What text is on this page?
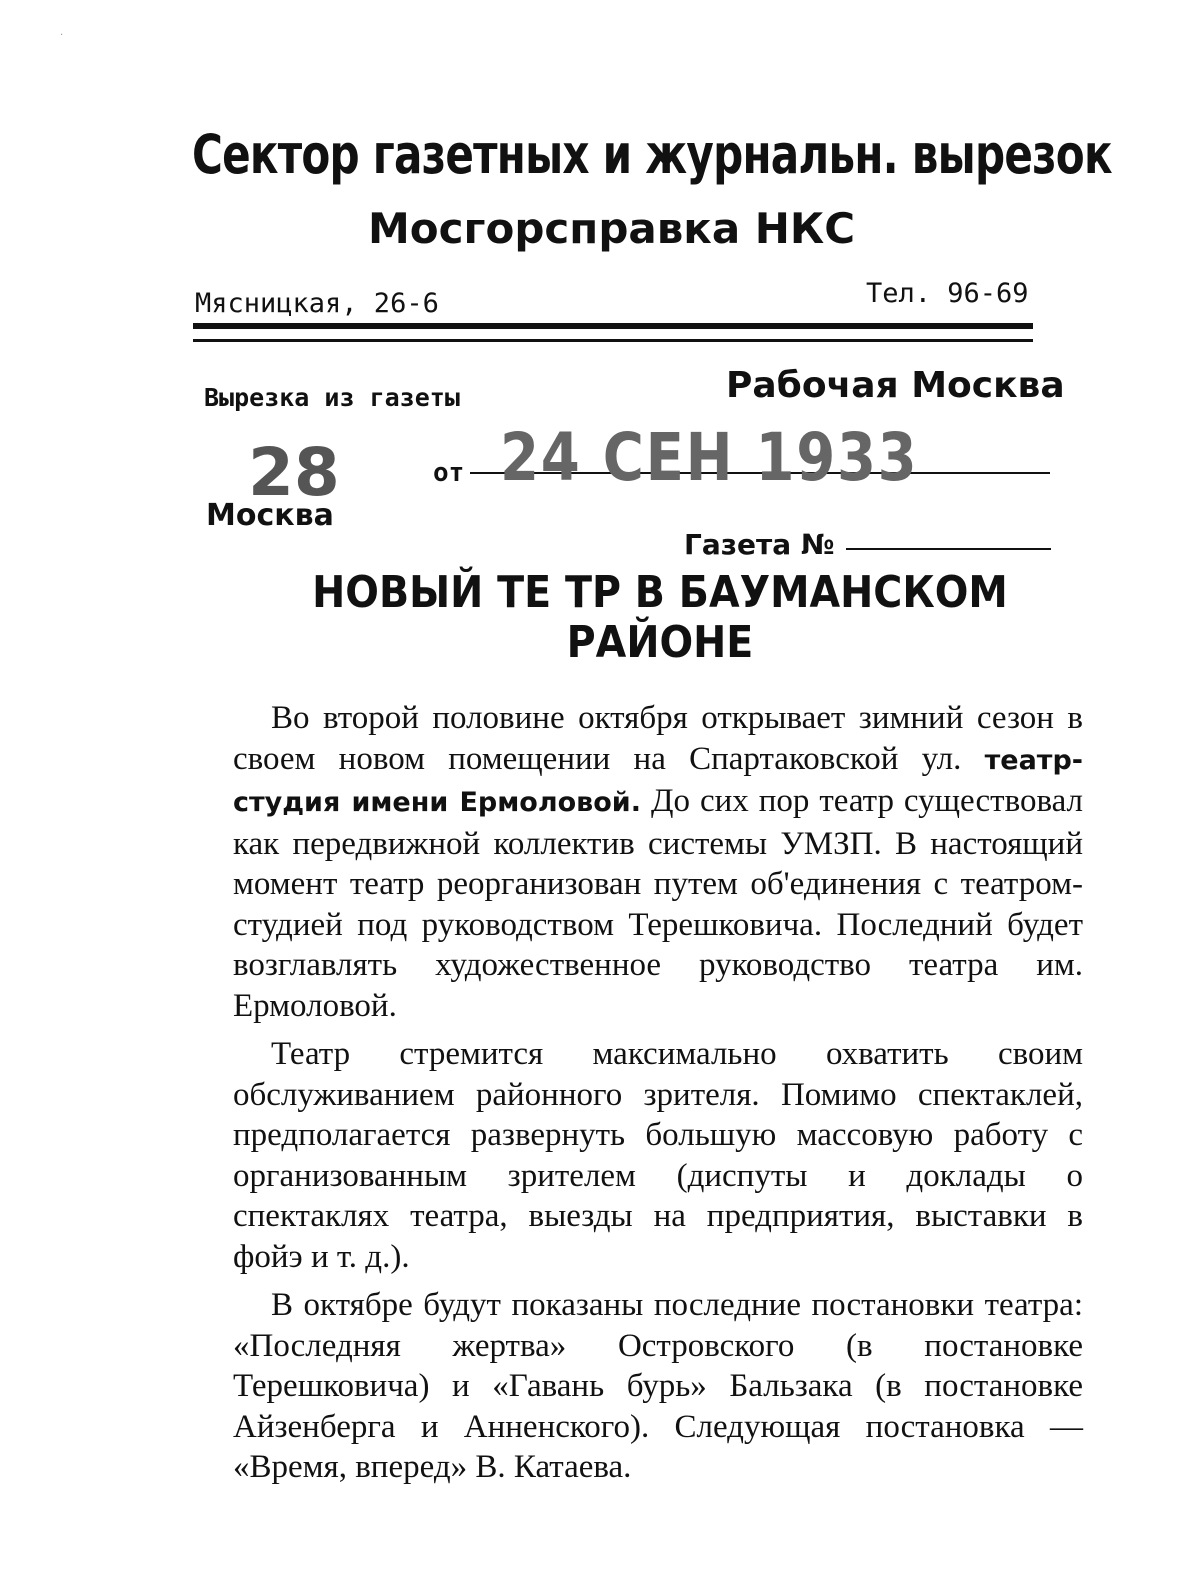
·
Сектор газетных и журнальн. вырезок
Мосгорсправка НКС
Мясницкая, 26-6	Тел. 96-69
Вырезка из газеты	Рабочая Москва
28
Москва
от 24 СЕН 1933
Газета №
НОВЫЙ ТЕ ТР В БАУМАНСКОМ
РАЙОНЕ

Во второй половине октября открывает зимний сезон в своем новом помещении на Спартаковской ул. театр-студия имени Ермоловой. До сих пор театр существовал как передвижной коллектив системы УМЗП. В настоящий момент театр реорганизован путем об'единения с театром-студией под руководством Терешковича. Последний будет возглавлять художественное руководство театра им. Ермоловой.

Театр стремится максимально охватить своим обслуживанием районного зрителя. Помимо спектаклей, предполагается развернуть большую массовую работу с организованным зрителем (диспуты и доклады о спектаклях театра, выезды на предприятия, выставки в фойэ и т. д.).

В октябре будут показаны последние постановки театра: «Последняя жертва» Островского (в постановке Терешковича) и «Гавань бурь» Бальзака (в постановке Айзенберга и Анненского). Следующая постановка — «Время, вперед» В. Катаева.
